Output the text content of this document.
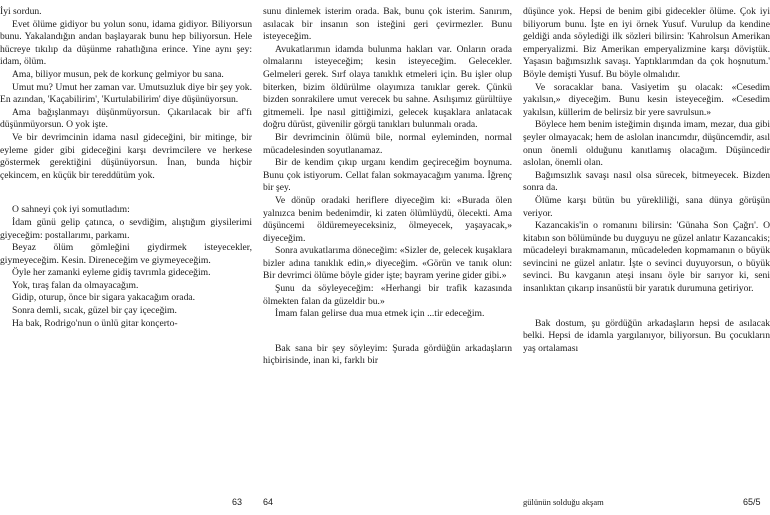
İyi sordun.

Evet ölüme gidiyor bu yolun sonu, idama gidiyor. Biliyorsun bunu. Yakalandığın andan başlayarak bunu hep biliyorsun. Hele hücreye tıkılıp da düşünme rahatlığına erince. Yine aynı şey: idam, ölüm.

Ama, biliyor musun, pek de korkunç gelmiyor bu sana.

Umut mu? Umut her zaman var. Umutsuzluk diye bir şey yok. En azından, 'Kaçabilirim', 'Kurtulabilirim' diye düşünüyorsun.

Ama bağışlanmayı düşünmüyorsun. Çıkarılacak bir af'fı düşünmüyorsun. O yok işte.

Ve bir devrimcinin idama nasıl gideceğini, bir mitinge, bir eyleme gider gibi gideceğini karşı devrimcilere ve herkese göstermek gerektiğini düşünüyorsun. İnan, bunda hiçbir çekincem, en küçük bir tereddütüm yok.

O sahneyi çok iyi somutladım:

İdam günü gelip çatınca, o sevdiğim, alıştığım giysilerimi giyeceğim: postallarımı, parkamı.

Beyaz ölüm gömleğini giydirmek isteyecekler, giymeyeceğim. Kesin. Direneceğim ve giymeyeceğim.

Öyle her zamanki eyleme gidiş tavrımla gideceğim.

Yok, tıraş falan da olmayacağım.

Gidip, oturup, önce bir sigara yakacağım orada.

Sonra demli, sıcak, güzel bir çay içeceğim.

Ha bak, Rodrigo'nun o ünlü gitar konçerto-

sunu dinlemek isterim orada. Bak, bunu çok isterim. Sanırım, asılacak bir insanın son isteğini geri çevirmezler. Bunu isteyeceğim.

Avukatlarımın idamda bulunma hakları var. Onların orada olmalarını isteyeceğim; kesin isteyeceğim. Gelecekler. Gelmeleri gerek. Sırf olaya tanıklık etmeleri için. Bu işler olup biterken, bizim öldürülme olayımıza tanıklar gerek. Çünkü bizden sonrakilere umut verecek bu sahne. Asılışımız gürültüye gitmemeli. İpe nasıl gittiğimizi, gelecek kuşaklara anlatacak doğru dürüst, güvenilir görgü tanıkları bulunmalı orada.

Bir devrimcinin ölümü bile, normal eyleminden, normal mücadelesinden soyutlanamaz.

Bir de kendim çıkıp urganı kendim geçireceğim boynuma. Bunu çok istiyorum. Cellat falan sokmayacağım yanıma. İğrenç bir şey.

Ve dönüp oradaki heriflere diyeceğim ki: «Burada ölen yalnızca benim bedenimdir, ki zaten ölümlüydü, ölecekti. Ama düşüncemi öldüremeyeceksiniz, ölmeyecek, yaşayacak,» diyeceğim.

Sonra avukatlarıma döneceğim: «Sizler de, gelecek kuşaklara bizler adına tanıklık edin,» diyeceğim. «Görün ve tanık olun: Bir devrimci ölüme böyle gider işte; bayram yerine gider gibi.»

Şunu da söyleyeceğim: «Herhangi bir trafik kazasında ölmekten falan da güzeldir bu.»

İmam falan gelirse dua mua etmek için ...tir edeceğim.

Bak sana bir şey söyleyim: Şurada gördüğün arkadaşların hiçbirisinde, inan ki, farklı bir

düşünce yok. Hepsi de benim gibi gidecekler ölüme. Çok iyi biliyorum bunu. İşte en iyi örnek Yusuf. Vurulup da kendine geldiği anda söylediği ilk sözleri bilirsin: 'Kahrolsun Amerikan emperyalizmi. Biz Amerikan emperyalizmine karşı döviştük. Yaşasın bağımsızlık savaşı. Yaptıklarımdan da çok hoşnutum.' Böyle demişti Yusuf. Bu böyle olmalıdır.

Ve soracaklar bana. Vasiyetim şu olacak: «Cesedim yakılsın,» diyeceğim. Bunu kesin isteyeceğim. «Cesedim yakılsın, küllerim de belirsiz bir yere savrulsun.»

Böylece hem benim isteğimin dışında imam, mezar, dua gibi şeyler olmayacak; hem de aslolan inancımdır, düşüncemdir, asıl onun önemli olduğunu kanıtlamış olacağım. Düşüncedir aslolan, önemli olan.

Bağımsızlık savaşı nasıl olsa sürecek, bitmeyecek. Bizden sonra da.

Ölüme karşı bütün bu yürekliliği, sana dünya görüşün veriyor.

Kazancakis'in o romanını bilirsin: 'Günaha Son Çağrı'. O kitabın son bölümünde bu duyguyu ne güzel anlatır Kazancakis; mücadeleyi bırakmamanın, mücadeleden kopmamanın o büyük sevincini ne güzel anlatır. İşte o sevinci duyuyorsun, o büyük sevinci. Bu kavganın ateşi insanı öyle bir sarıyor ki, seni insanlıktan çıkarıp insanüstü bir yaratık durumuna getiriyor.

Bak dostum, şu gördüğün arkadaşların hepsi de asılacak belki. Hepsi de idamla yargılanıyor, biliyorsun. Bu çocukların yaş ortalaması

63 64	gülünün solduğu akşam	65/5
